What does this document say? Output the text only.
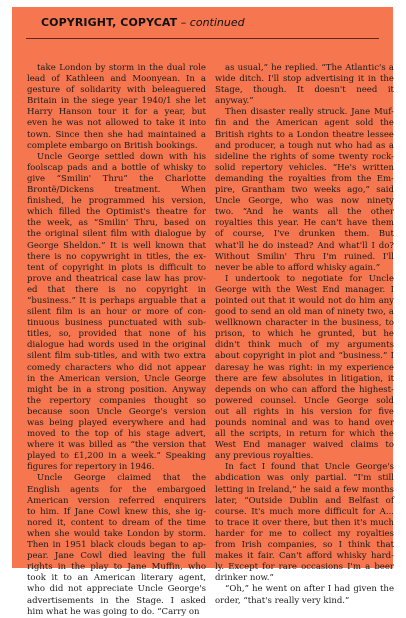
COPYRIGHT, COPYCAT – continued

take London by storm in the dual role
lead of Kathleen and Moonyean. In a
gesture of solidarity with beleaguered
Britain in the siege year 1940/1 she let
Harry Hanson tour it for a year, but
even he was not allowed to take it into
town. Since then she had maintained a
complete embargo on British bookings.

Uncle George settled down with his
foolscap pads and a bottle of whisky to
give “Smilin' Thru” the Charlotte
Brontë/Dickens treatment. When
finished, he programmed his version,
which filled the Optimist's theatre for
the week, as “Smilin' Thru, based on
the original silent film with dialogue by
George Sheldon.” It is well known that
there is no copywright in titles, the ex-
tent of copyright in plots is difficult to
prove and theatrical case law has prov-
ed that there is no copyright in
“business.” It is perhaps arguable that a
silent film is an hour or more of con-
tinuous business punctuated with sub-
titles, so, provided that none of his
dialogue had words used in the original
silent film sub-titles, and with two extra
comedy characters who did not appear
in the American version, Uncle George
might be in a strong position. Anyway
the repertory companies thought so
because soon Uncle George's version
was being played everywhere and had
moved to the top of his stage advert,
where it was billed as “the version that
played to £1,200 in a week.” Speaking
figures for repertory in 1946.

Uncle George claimed that the
English agents for the embargoed
American version referred enquirers
to him. If Jane Cowl knew this, she ig-
nored it, content to dream of the time
when she would take London by storm.
Then in 1951 black clouds began to ap-
pear. Jane Cowl died leaving the full
rights in the play to Jane Muffin, who
took it to an American literary agent,
who did not appreciate Uncle George's
advertisements in the Stage. I asked
him what he was going to do. “Carry on

as usual,” he replied. “The Atlantic's a
wide ditch. I'll stop advertising it in the
Stage, though. It doesn't need it
anyway.”

Then disaster really struck. Jane Muf-
fin and the American agent sold the
British rights to a London theatre lessee
and producer, a tough nut who had as a
sideline the rights of some twenty rock-
solid repertory vehicles. “He's written
demanding the royalties from the Em-
pire, Grantham two weeks ago,” said
Uncle George, who was now ninety
two. “And he wants all the other
royalties this year. He can't have them
of course, I've drunken them. But
what'll he do instead? And what'll I do?
Without Smilin' Thru I'm ruined. I'll
never be able to afford whisky again.”

I undertook to negotiate for Uncle
George with the West End manager. I
pointed out that it would not do him any
good to send an old man of ninety two, a
wellknown character in the business, to
prison, to which he grunted, but he
didn't think much of my arguments
about copyright in plot and “business.” I
daresay he was right: in my experience
there are few absolutes in litigation, it
depends on who can afford the highest-
powered counsel. Uncle George sold
out all rights in his version for five
pounds nominal and was to hand over
all the scripts, in return for which the
West End manager waived claims to
any previous royalties.

In fact I found that Uncle George's
abdication was only partial. “I'm still
letting in Ireland,” he said a few months
later, “Outside Dublin and Belfast of
course. It's much more difficult for A...
to trace it over there, but then it's much
harder for me to collect my royalties
from Irish companies, so I think that
makes it fair. Can't afford whisky hard-
ly. Except for rare occasions I'm a beer
drinker now.”

“Oh,” he went on after I had given the
order, “that's really very kind.”
